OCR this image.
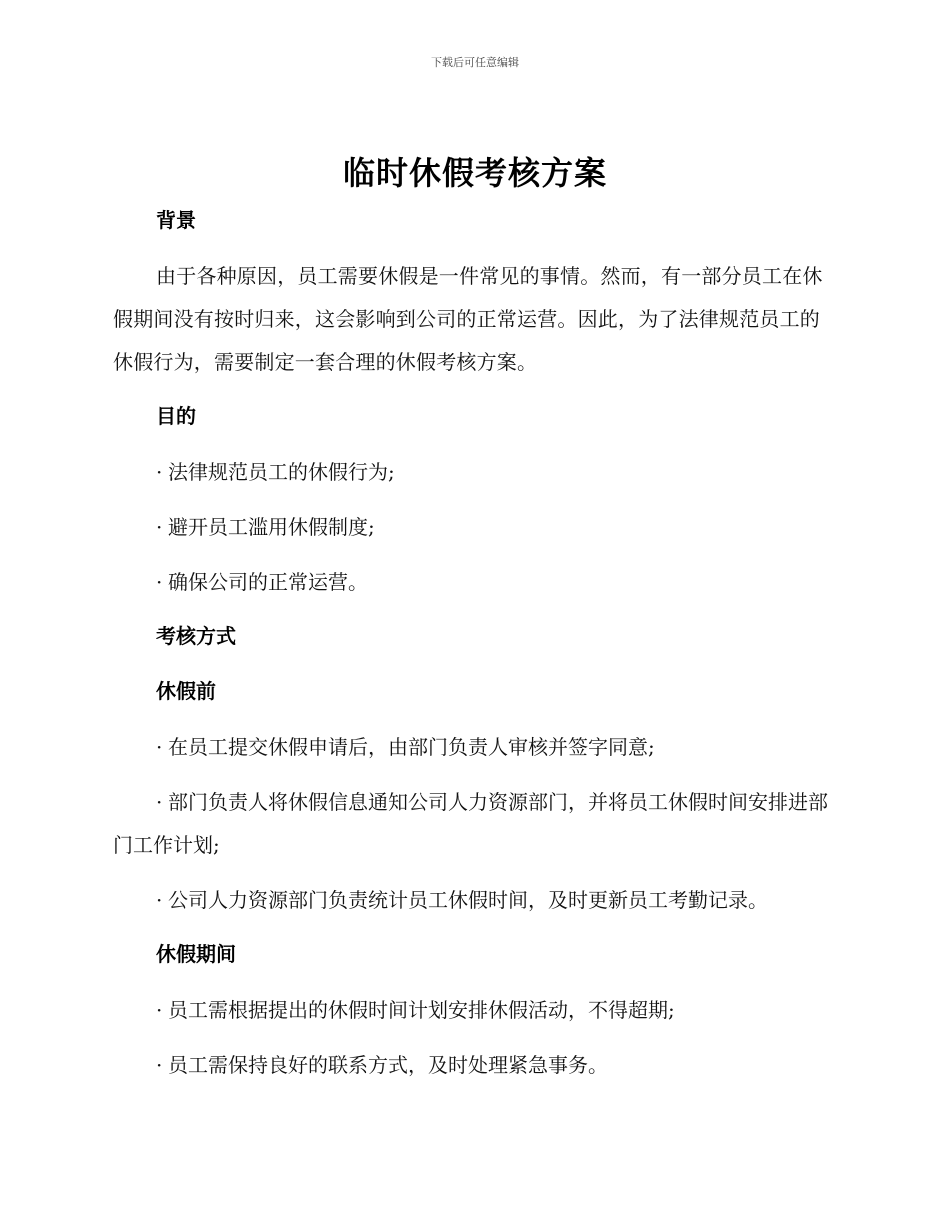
下载后可任意编辑
临时休假考核方案
背景

由于各种原因，员工需要休假是一件常见的事情。然而，有一部分员工在休假期间没有按时归来，这会影响到公司的正常运营。因此，为了法律规范员工的休假行为，需要制定一套合理的休假考核方案。

目的

· 法律规范员工的休假行为;

· 避开员工滥用休假制度;

· 确保公司的正常运营。

考核方式
休假前

· 在员工提交休假申请后，由部门负责人审核并签字同意;

· 部门负责人将休假信息通知公司人力资源部门，并将员工休假时间安排进部门工作计划;

· 公司人力资源部门负责统计员工休假时间，及时更新员工考勤记录。

休假期间

· 员工需根据提出的休假时间计划安排休假活动，不得超期;

· 员工需保持良好的联系方式，及时处理紧急事务。
